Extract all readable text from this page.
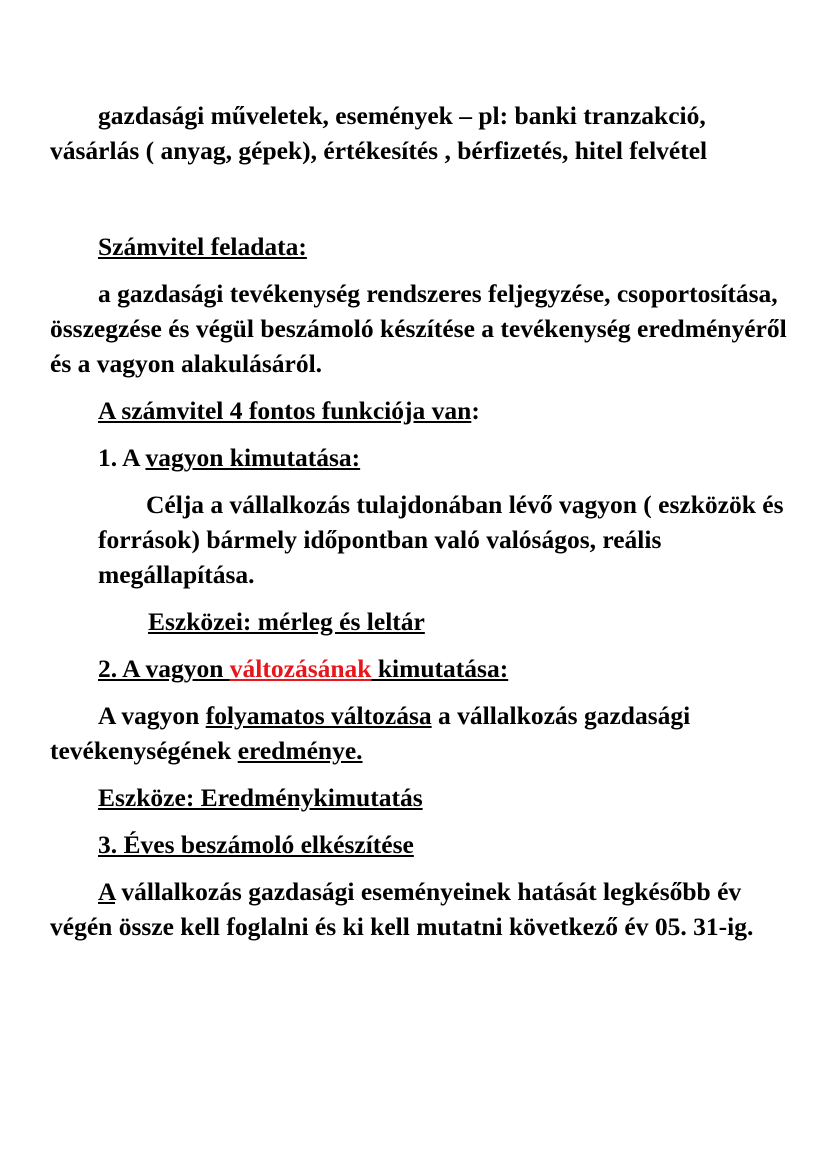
gazdasági műveletek, események – pl: banki tranzakció, vásárlás ( anyag, gépek), értékesítés , bérfizetés, hitel felvétel

Számvitel feladata:

a gazdasági tevékenység rendszeres feljegyzése, csoportosítása, összegzése és végül beszámoló készítése a tevékenység eredményéről és a vagyon alakulásáról.

A számvitel 4 fontos funkciója van:

1. A vagyon kimutatása:

Célja a vállalkozás tulajdonában lévő vagyon ( eszközök és források) bármely időpontban való valóságos, reális megállapítása.

Eszközei: mérleg és leltár

2. A vagyon változásának kimutatása:

A vagyon folyamatos változása a vállalkozás gazdasági tevékenységének eredménye.

Eszköze: Eredménykimutatás

3. Éves beszámoló elkészítése

A vállalkozás gazdasági eseményeinek hatását legkésőbb év végén össze kell foglalni és ki kell mutatni következő év 05. 31-ig.
